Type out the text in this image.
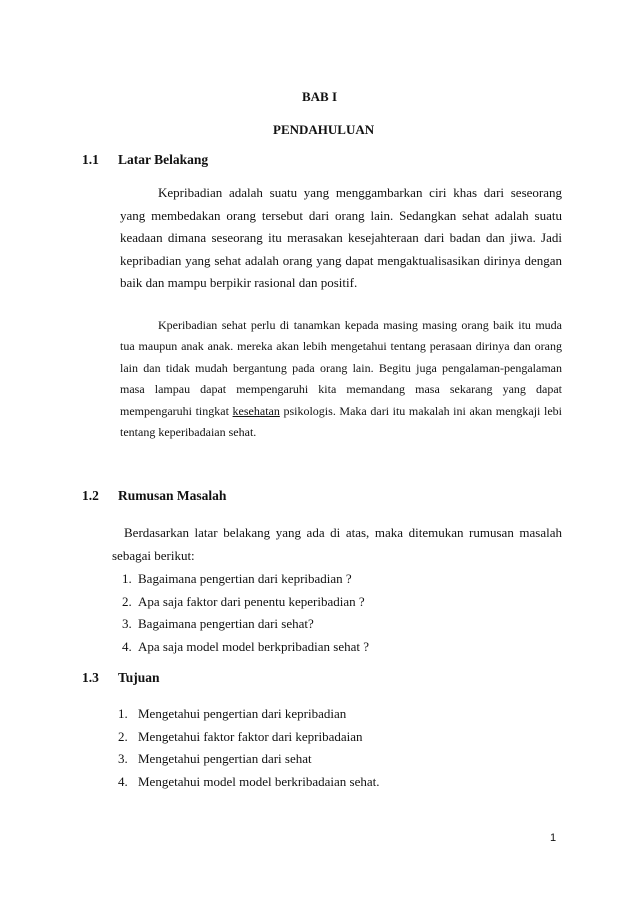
BAB I
PENDAHULUAN
1.1 Latar Belakang

Kepribadian adalah suatu yang menggambarkan ciri khas dari seseorang yang membedakan orang tersebut dari orang lain. Sedangkan sehat adalah suatu keadaan dimana seseorang itu merasakan kesejahteraan dari badan dan jiwa. Jadi kepribadian yang sehat adalah orang yang dapat mengaktualisasikan dirinya dengan baik dan mampu berpikir rasional dan positif.

Kperibadian sehat perlu di tanamkan kepada masing masing orang baik itu muda tua maupun anak anak. mereka akan lebih mengetahui tentang perasaan dirinya dan orang lain dan tidak mudah bergantung pada orang lain. Begitu juga pengalaman-pengalaman masa lampau dapat mempengaruhi kita memandang masa sekarang yang dapat mempengaruhi tingkat kesehatan psikologis. Maka dari itu makalah ini akan mengkaji lebi tentang keperibadaian sehat.

1.2 Rumusan Masalah

Berdasarkan latar belakang yang ada di atas, maka ditemukan rumusan masalah sebagai berikut:

1. Bagaimana pengertian dari kepribadian ?
2. Apa saja faktor dari penentu keperibadian ?
3. Bagaimana pengertian dari sehat?
4. Apa saja model model berkpribadian sehat ?
1.3 Tujuan
1. Mengetahui pengertian dari kepribadian
2. Mengetahui faktor faktor dari kepribadaian
3. Mengetahui pengertian dari sehat
4. Mengetahui model model berkribadaian sehat.
1
